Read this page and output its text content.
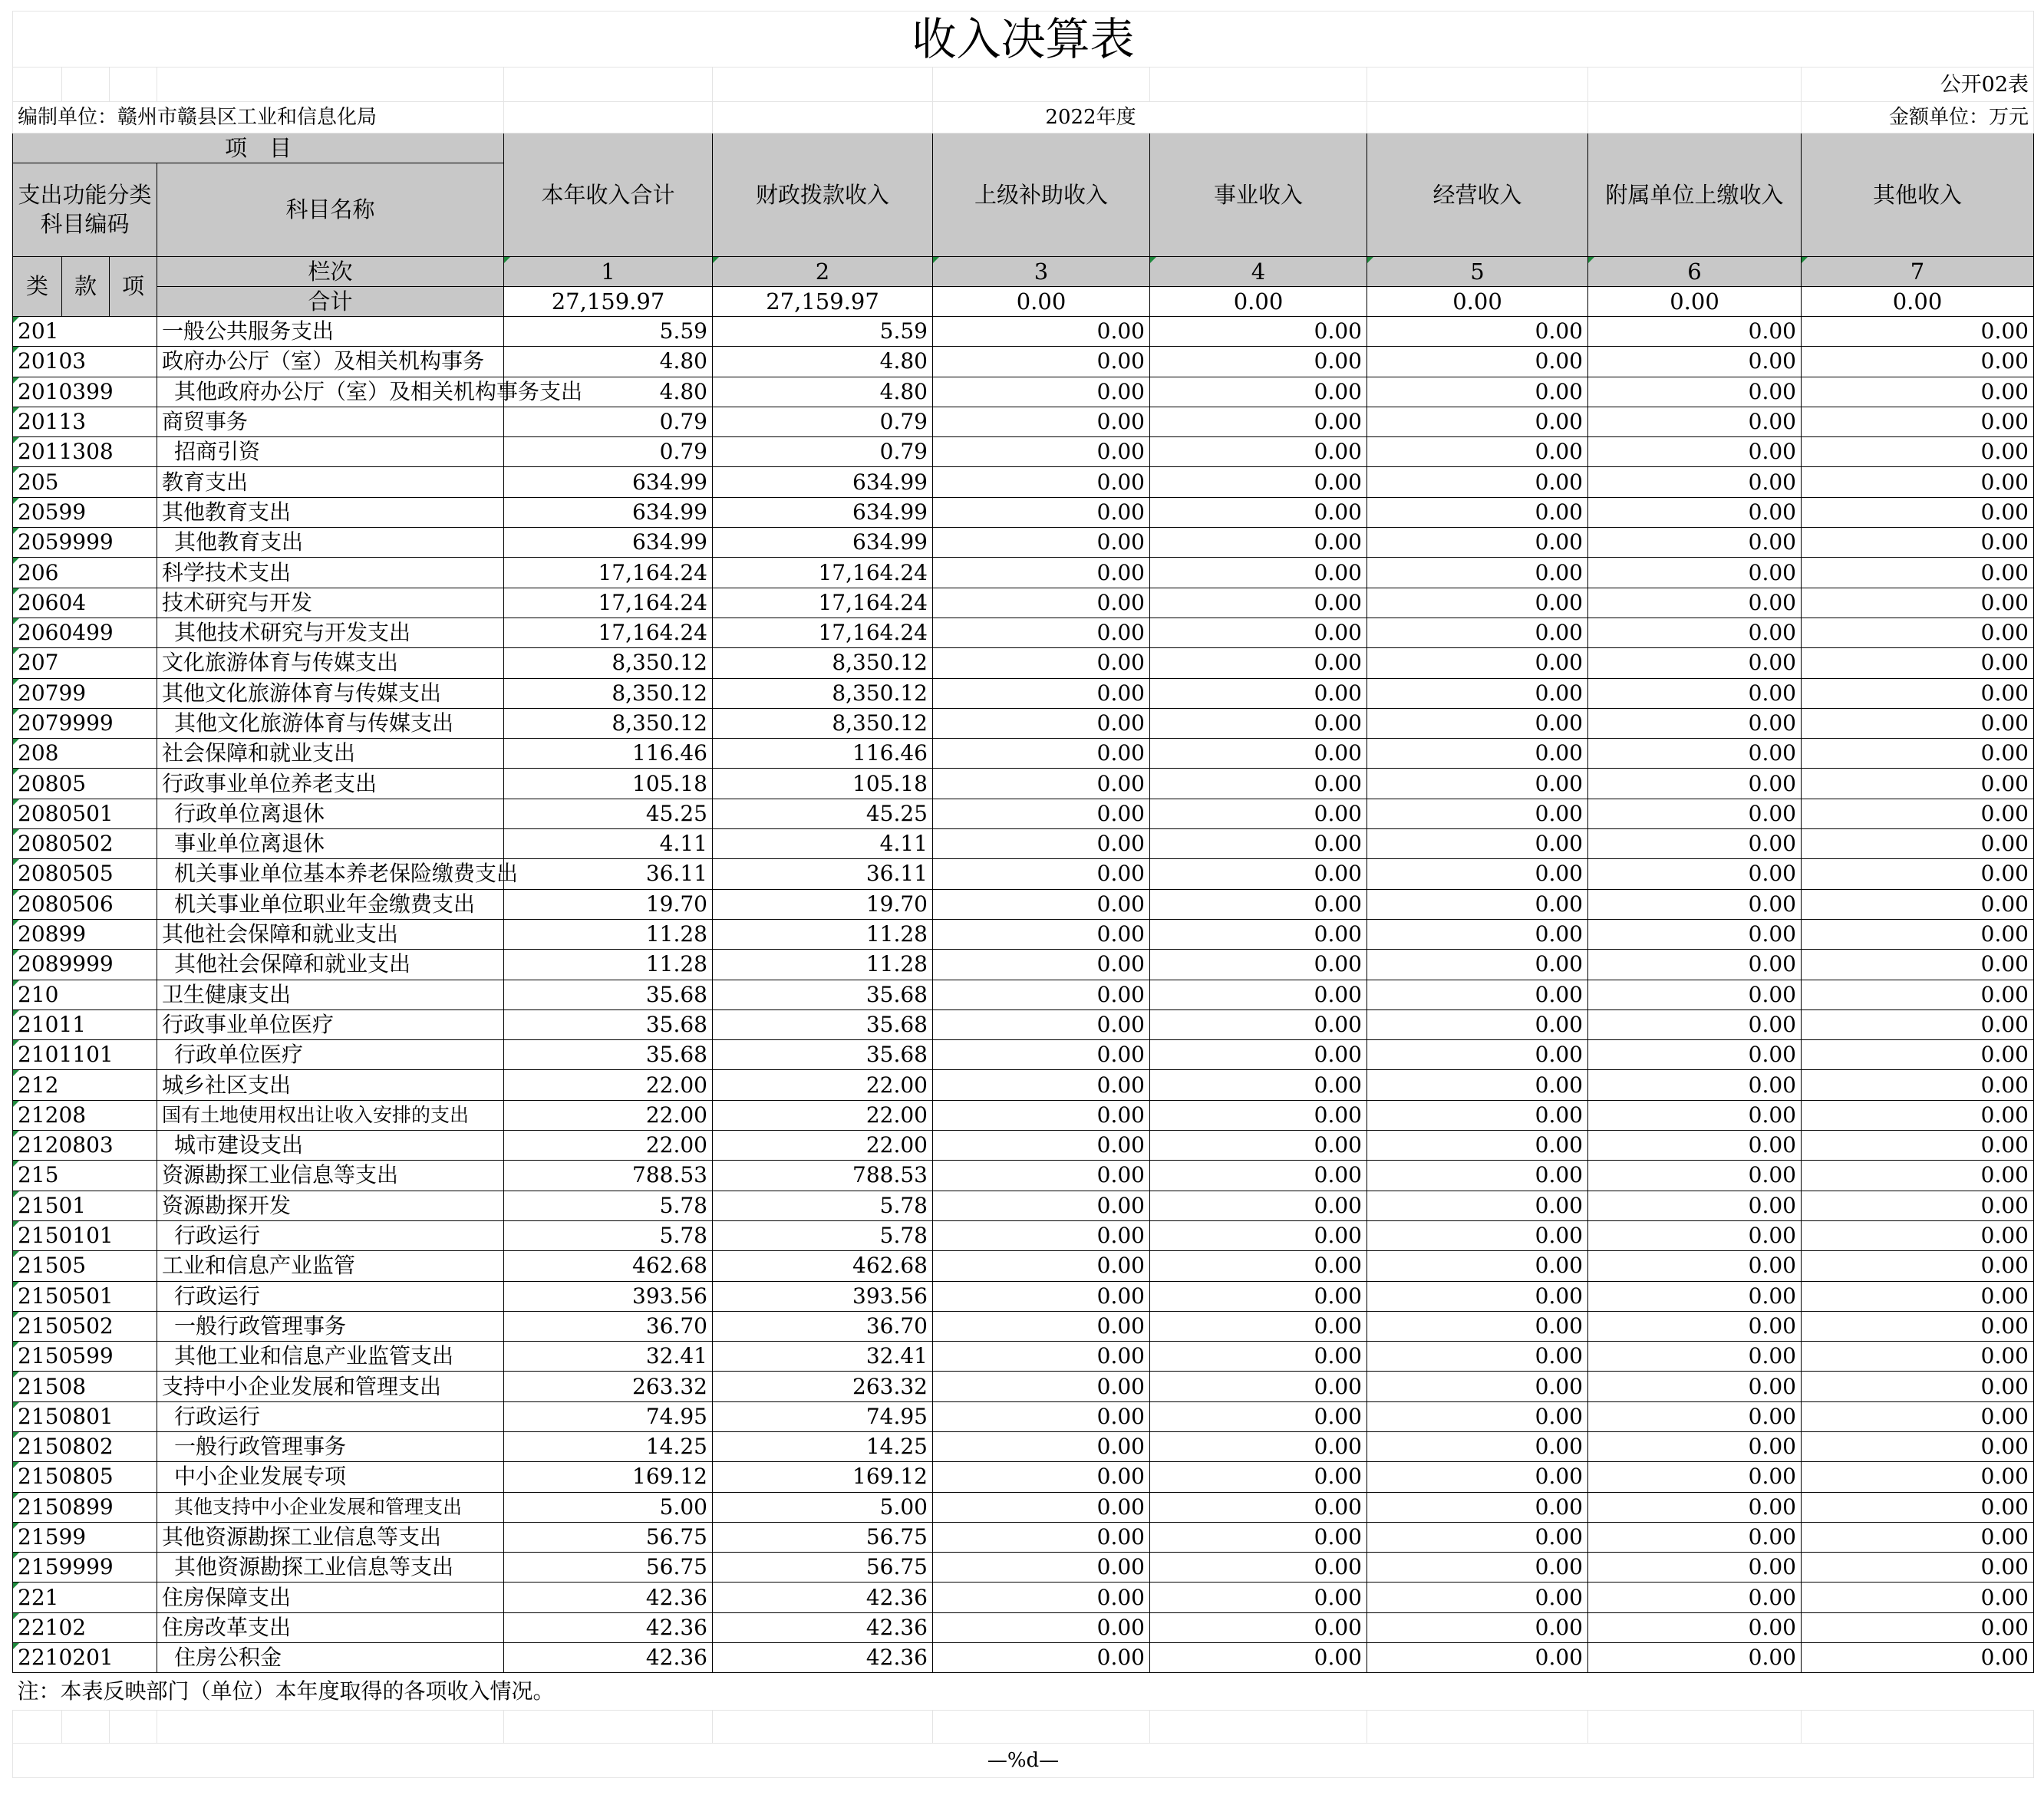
收入决算表										
										公开02表
编制单位：赣州市赣县区工业和信息化局						2022年度				金额单位：万元
项　目				本年收入合计	财政拨款收入	上级补助收入	事业收入	经营收入	附属单位上缴收入	其他收入
支出功能分类科目编码			科目名称							
类	款	项	栏次	1	2	3	4	5	6	7
			合计	27,159.97	27,159.97	0.00	0.00	0.00	0.00	0.00
201			一般公共服务支出	5.59	5.59	0.00	0.00	0.00	0.00	0.00
20103			政府办公厅（室）及相关机构事务	4.80	4.80	0.00	0.00	0.00	0.00	0.00
2010399			其他政府办公厅（室）及相关机构事务支出	4.80	4.80	0.00	0.00	0.00	0.00	0.00
20113			商贸事务	0.79	0.79	0.00	0.00	0.00	0.00	0.00
2011308			招商引资	0.79	0.79	0.00	0.00	0.00	0.00	0.00
205			教育支出	634.99	634.99	0.00	0.00	0.00	0.00	0.00
20599			其他教育支出	634.99	634.99	0.00	0.00	0.00	0.00	0.00
2059999			其他教育支出	634.99	634.99	0.00	0.00	0.00	0.00	0.00
206			科学技术支出	17,164.24	17,164.24	0.00	0.00	0.00	0.00	0.00
20604			技术研究与开发	17,164.24	17,164.24	0.00	0.00	0.00	0.00	0.00
2060499			其他技术研究与开发支出	17,164.24	17,164.24	0.00	0.00	0.00	0.00	0.00
207			文化旅游体育与传媒支出	8,350.12	8,350.12	0.00	0.00	0.00	0.00	0.00
20799			其他文化旅游体育与传媒支出	8,350.12	8,350.12	0.00	0.00	0.00	0.00	0.00
2079999			其他文化旅游体育与传媒支出	8,350.12	8,350.12	0.00	0.00	0.00	0.00	0.00
208			社会保障和就业支出	116.46	116.46	0.00	0.00	0.00	0.00	0.00
20805			行政事业单位养老支出	105.18	105.18	0.00	0.00	0.00	0.00	0.00
2080501			行政单位离退休	45.25	45.25	0.00	0.00	0.00	0.00	0.00
2080502			事业单位离退休	4.11	4.11	0.00	0.00	0.00	0.00	0.00
2080505			机关事业单位基本养老保险缴费支出	36.11	36.11	0.00	0.00	0.00	0.00	0.00
2080506			机关事业单位职业年金缴费支出	19.70	19.70	0.00	0.00	0.00	0.00	0.00
20899			其他社会保障和就业支出	11.28	11.28	0.00	0.00	0.00	0.00	0.00
2089999			其他社会保障和就业支出	11.28	11.28	0.00	0.00	0.00	0.00	0.00
210			卫生健康支出	35.68	35.68	0.00	0.00	0.00	0.00	0.00
21011			行政事业单位医疗	35.68	35.68	0.00	0.00	0.00	0.00	0.00
2101101			行政单位医疗	35.68	35.68	0.00	0.00	0.00	0.00	0.00
212			城乡社区支出	22.00	22.00	0.00	0.00	0.00	0.00	0.00
21208			国有土地使用权出让收入安排的支出	22.00	22.00	0.00	0.00	0.00	0.00	0.00
2120803			城市建设支出	22.00	22.00	0.00	0.00	0.00	0.00	0.00
215			资源勘探工业信息等支出	788.53	788.53	0.00	0.00	0.00	0.00	0.00
21501			资源勘探开发	5.78	5.78	0.00	0.00	0.00	0.00	0.00
2150101			行政运行	5.78	5.78	0.00	0.00	0.00	0.00	0.00
21505			工业和信息产业监管	462.68	462.68	0.00	0.00	0.00	0.00	0.00
2150501			行政运行	393.56	393.56	0.00	0.00	0.00	0.00	0.00
2150502			一般行政管理事务	36.70	36.70	0.00	0.00	0.00	0.00	0.00
2150599			其他工业和信息产业监管支出	32.41	32.41	0.00	0.00	0.00	0.00	0.00
21508			支持中小企业发展和管理支出	263.32	263.32	0.00	0.00	0.00	0.00	0.00
2150801			行政运行	74.95	74.95	0.00	0.00	0.00	0.00	0.00
2150802			一般行政管理事务	14.25	14.25	0.00	0.00	0.00	0.00	0.00
2150805			中小企业发展专项	169.12	169.12	0.00	0.00	0.00	0.00	0.00
2150899			其他支持中小企业发展和管理支出	5.00	5.00	0.00	0.00	0.00	0.00	0.00
21599			其他资源勘探工业信息等支出	56.75	56.75	0.00	0.00	0.00	0.00	0.00
2159999			其他资源勘探工业信息等支出	56.75	56.75	0.00	0.00	0.00	0.00	0.00
221			住房保障支出	42.36	42.36	0.00	0.00	0.00	0.00	0.00
22102			住房改革支出	42.36	42.36	0.00	0.00	0.00	0.00	0.00
2210201			住房公积金	42.36	42.36	0.00	0.00	0.00	0.00	0.00
注：本表反映部门（单位）本年度取得的各项收入情况。										

—%d—										
